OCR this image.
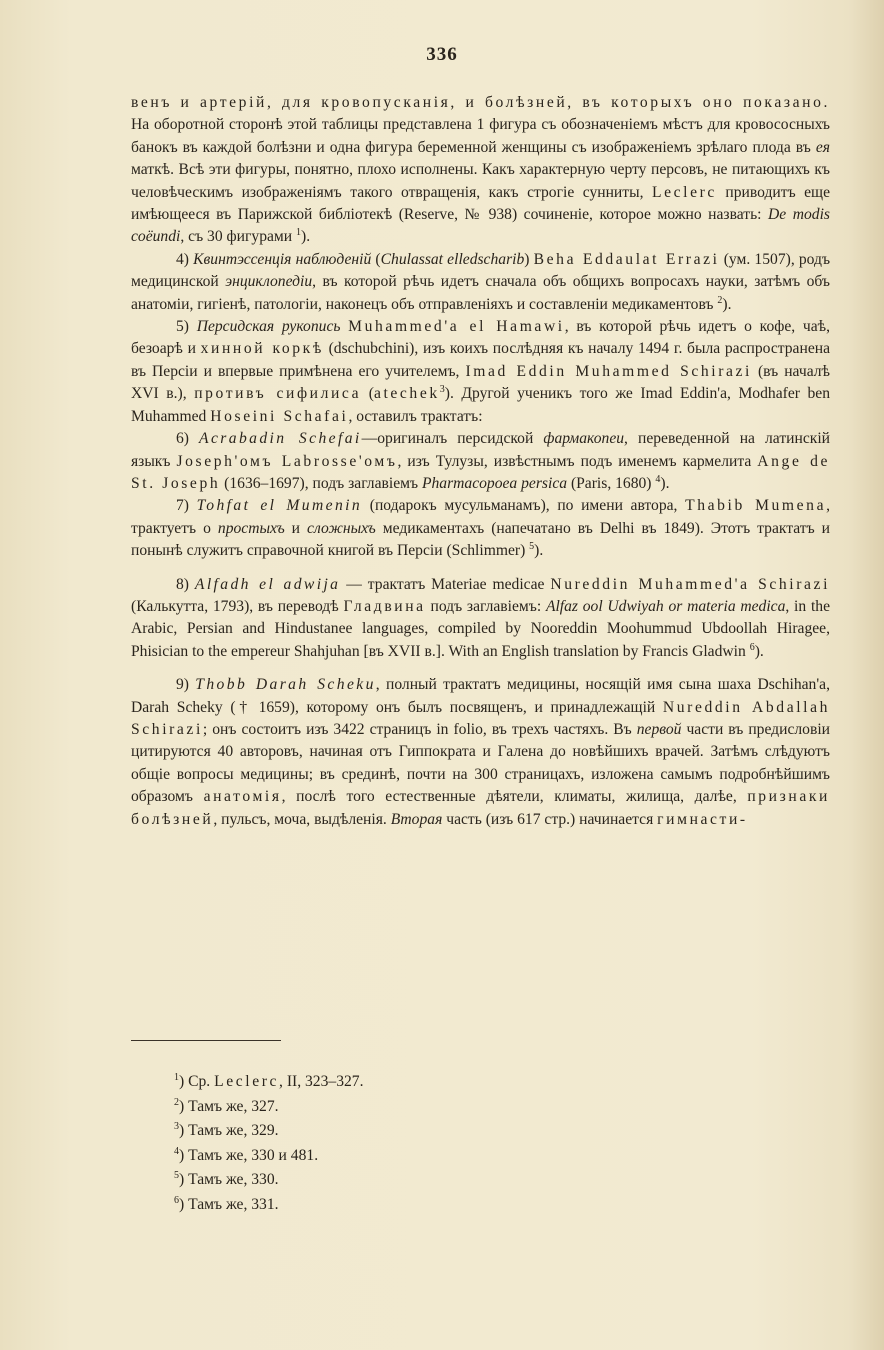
336

венъ и артерій, для кровопусканія, и болѣзней, въ которыхъ оно показано. На оборотной сторонѣ этой таблицы представлена 1 фигура съ обозначеніемъ мѣстъ для кровососныхъ банокъ въ каждой болѣзни и одна фигура беременной женщины съ изображеніемъ зрѣлаго плода въ ея маткѣ. Всѣ эти фигуры, понятно, плохо исполнены. Какъ характерную черту персовъ, не питающихъ къ человѣческимъ изображеніямъ такого отвращенія, какъ строгіе сунниты, Leclerc приводитъ еще имѣющееся въ Парижской библіотекѣ (Reserve, № 938) сочиненіе, которое можно назвать: De modis coëundi, съ 30 фигурами $^1$).

4) Квинтэссенція наблюденій (Chulassat elledscharib) Beha Eddaulat Errazi (ум. 1507), родъ медицинской энциклопедіи, въ которой рѣчь идетъ сначала объ общихъ вопросахъ науки, затѣмъ объ анатоміи, гигіенѣ, патологіи, наконецъ объ отправленіяхъ и составленіи медикаментовъ $^2$).

5) Персидская рукопись Muhammed'a el Hamawi, въ которой рѣчь идетъ о кофе, чаѣ, безоарѣ и хинной коркѣ (dschubchini), изъ коихъ послѣдняя къ началу 1494 г. была распространена въ Персіи и впервые примѣнена его учителемъ, Imad Eddin Muhammed Schirazi (въ началѣ XVI в.), противъ сифилиса (atechek$^3$). Другой ученикъ того же Imad Eddin'a, Modhafer ben Muhammed Hoseini Schafai, оставилъ трактатъ:

6) Acrabadin Schefai—оригиналъ персидской фармакопеи, переведенной на латинскій языкъ Joseph'омъ Labrosse'омъ, изъ Тулузы, извѣстнымъ подъ именемъ кармелита Ange de St. Joseph (1636–1697), подъ заглавіемъ Pharmacopoea persica (Paris, 1680) $^4$).

7) Tohfat el Mumenin (подарокъ мусульманамъ), по имени автора, Thabib Mumena, трактуетъ о простыхъ и сложныхъ медикаментахъ (напечатано въ Delhi въ 1849). Этотъ трактатъ и понынѣ служитъ справочной книгой въ Персіи (Schlimmer) $^5$).

8) Alfadh el adwija — трактатъ Materiae medicae Nureddin Muhammed'a Schirazi (Калькутта, 1793), въ переводѣ Гладвина подъ заглавіемъ: Alfaz ool Udwiyah or materia medica, in the Arabic, Persian and Hindustanee languages, compiled by Nooreddin Moohummud Ubdoollah Hiragee, Phisician to the empereur Shahjuhan [въ XVII в.]. With an English translation by Francis Gladwin $^6$).

9) Thobb Darah Scheku, полный трактатъ медицины, носящій имя сына шаха Dschihan'a, Darah Scheky († 1659), которому онъ былъ посвященъ, и принадлежащій Nureddin Abdallah Schirazi; онъ состоитъ изъ 3422 страницъ in folio, въ трехъ частяхъ. Въ первой части въ предисловіи цитируются 40 авторовъ, начиная отъ Гиппократа и Галена до новѣйшихъ врачей. Затѣмъ слѣдуютъ общіе вопросы медицины; въ срединѣ, почти на 300 страницахъ, изложена самымъ подробнѣйшимъ образомъ анатомія, послѣ того естественные дѣятели, климаты, жилища, далѣе, признаки болѣзней, пульсъ, моча, выдѣленія. Вторая часть (изъ 617 стр.) начинается гимнасти-

$^1$) Ср. Leclerc, II, 323–327.
$^2$) Тамъ же, 327.
$^3$) Тамъ же, 329.
$^4$) Тамъ же, 330 и 481.
$^5$) Тамъ же, 330.
$^6$) Тамъ же, 331.
